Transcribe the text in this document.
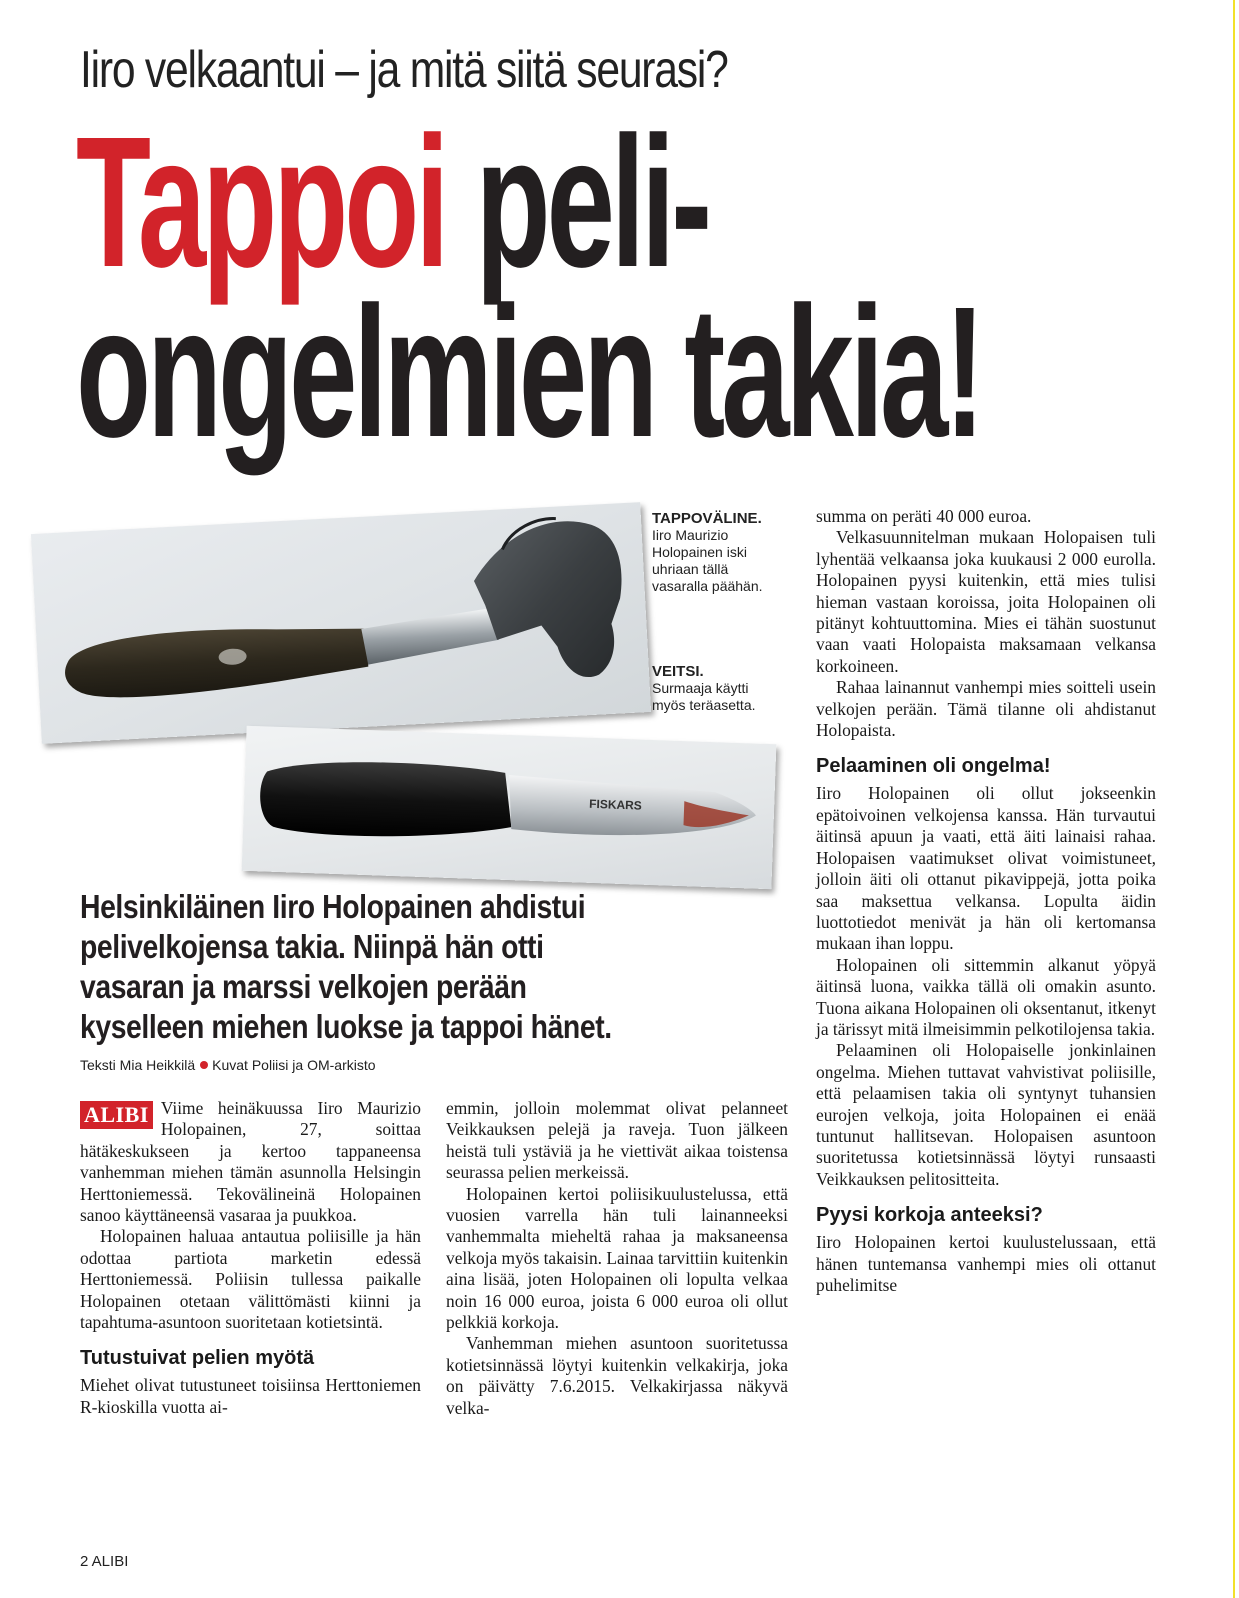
Iiro velkaantui – ja mitä siitä seurasi?
Tappoi peli-
ongelmien takia!
FISKARS
TAPPOVÄLINE.
Iiro Maurizio
Holopainen iski
uhriaan tällä
vasaralla päähän.
VEITSI.
Surmaaja käytti
myös teräasetta.
Helsinkiläinen Iiro Holopainen ahdistui
pelivelkojensa takia. Niinpä hän otti
vasaran ja marssi velkojen perään
kyselleen miehen luokse ja tappoi hänet.
Teksti Mia Heikkilä Kuvat Poliisi ja OM-arkisto

ALIBI Viime heinäkuussa Iiro Maurizio Holopainen, 27, soittaa hätäkeskukseen ja kertoo tappaneensa vanhemman miehen tämän asunnolla Helsingin Herttoniemessä. Tekovälineinä Holopainen sanoo käyttäneensä vasaraa ja puukkoa.

Holopainen haluaa antautua poliisille ja hän odottaa partiota marketin edessä Herttoniemessä. Poliisin tullessa paikalle Holopainen otetaan välittömästi kiinni ja tapahtuma-asuntoon suoritetaan kotietsintä.

Tutustuivat pelien myötä

Miehet olivat tutustuneet toisiinsa Herttoniemen R-kioskilla vuotta ai-

emmin, jolloin molemmat olivat pelanneet Veikkauksen pelejä ja raveja. Tuon jälkeen heistä tuli ystäviä ja he viettivät aikaa toistensa seurassa pelien merkeissä.

Holopainen kertoi poliisikuulustelussa, että vuosien varrella hän tuli lainanneeksi vanhemmalta mieheltä rahaa ja maksaneensa velkoja myös takaisin. Lainaa tarvittiin kuitenkin aina lisää, joten Holopainen oli lopulta velkaa noin 16 000 euroa, joista 6 000 euroa oli ollut pelkkiä korkoja.

Vanhemman miehen asuntoon suoritetussa kotietsinnässä löytyi kuitenkin velkakirja, joka on päivätty 7.6.2015. Velkakirjassa näkyvä velka-

summa on peräti 40 000 euroa.

Velkasuunnitelman mukaan Holopaisen tuli lyhentää velkaansa joka kuukausi 2 000 eurolla. Holopainen pyysi kuitenkin, että mies tulisi hieman vastaan koroissa, joita Holopainen oli pitänyt kohtuuttomina. Mies ei tähän suostunut vaan vaati Holopaista maksamaan velkansa korkoineen.

Rahaa lainannut vanhempi mies soitteli usein velkojen perään. Tämä tilanne oli ahdistanut Holopaista.

Pelaaminen oli ongelma!

Iiro Holopainen oli ollut jokseenkin epätoivoinen velkojensa kanssa. Hän turvautui äitinsä apuun ja vaati, että äiti lainaisi rahaa. Holopaisen vaatimukset olivat voimistuneet, jolloin äiti oli ottanut pikavippejä, jotta poika saa maksettua velkansa. Lopulta äidin luottotiedot menivät ja hän oli kertomansa mukaan ihan loppu.

Holopainen oli sittemmin alkanut yöpyä äitinsä luona, vaikka tällä oli omakin asunto. Tuona aikana Holopainen oli oksentanut, itkenyt ja tärissyt mitä ilmeisimmin pelkotilojensa takia.

Pelaaminen oli Holopaiselle jonkinlainen ongelma. Miehen tuttavat vahvistivat poliisille, että pelaamisen takia oli syntynyt tuhansien eurojen velkoja, joita Holopainen ei enää tuntunut hallitsevan. Holopaisen asuntoon suoritetussa kotietsinnässä löytyi runsaasti Veikkauksen pelitositteita.

Pyysi korkoja anteeksi?

Iiro Holopainen kertoi kuulustelussaan, että hänen tuntemansa vanhempi mies oli ottanut puhelimitse

2 ALIBI
